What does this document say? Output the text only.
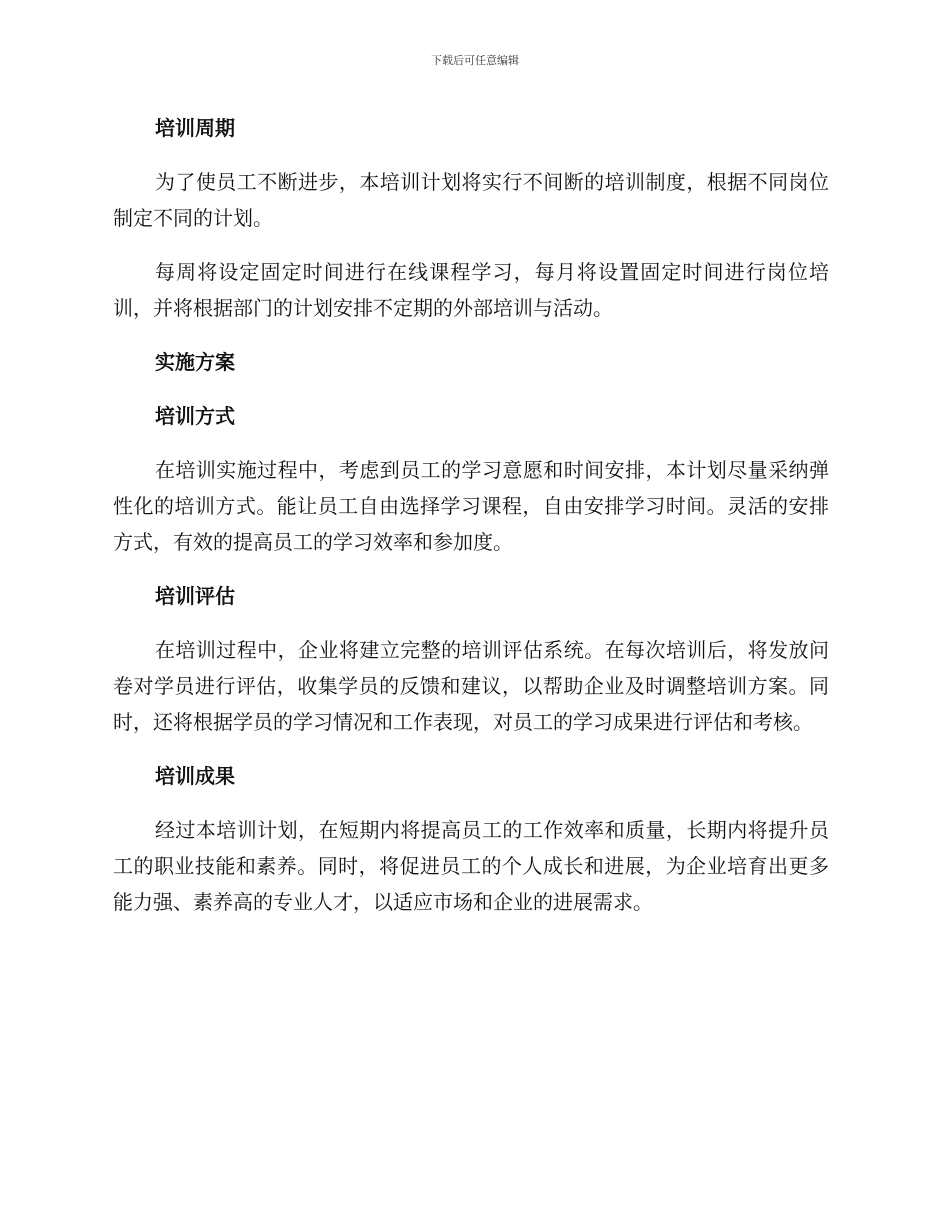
下载后可任意编辑
培训周期
为了使员工不断进步，本培训计划将实行不间断的培训制度，根据不同岗位制定不同的计划。
每周将设定固定时间进行在线课程学习，每月将设置固定时间进行岗位培训，并将根据部门的计划安排不定期的外部培训与活动。
实施方案
培训方式
在培训实施过程中，考虑到员工的学习意愿和时间安排，本计划尽量采纳弹性化的培训方式。能让员工自由选择学习课程，自由安排学习时间。灵活的安排方式，有效的提高员工的学习效率和参加度。
培训评估
在培训过程中，企业将建立完整的培训评估系统。在每次培训后，将发放问卷对学员进行评估，收集学员的反馈和建议，以帮助企业及时调整培训方案。同时，还将根据学员的学习情况和工作表现，对员工的学习成果进行评估和考核。
培训成果
经过本培训计划，在短期内将提高员工的工作效率和质量，长期内将提升员工的职业技能和素养。同时，将促进员工的个人成长和进展，为企业培育出更多能力强、素养高的专业人才，以适应市场和企业的进展需求。
